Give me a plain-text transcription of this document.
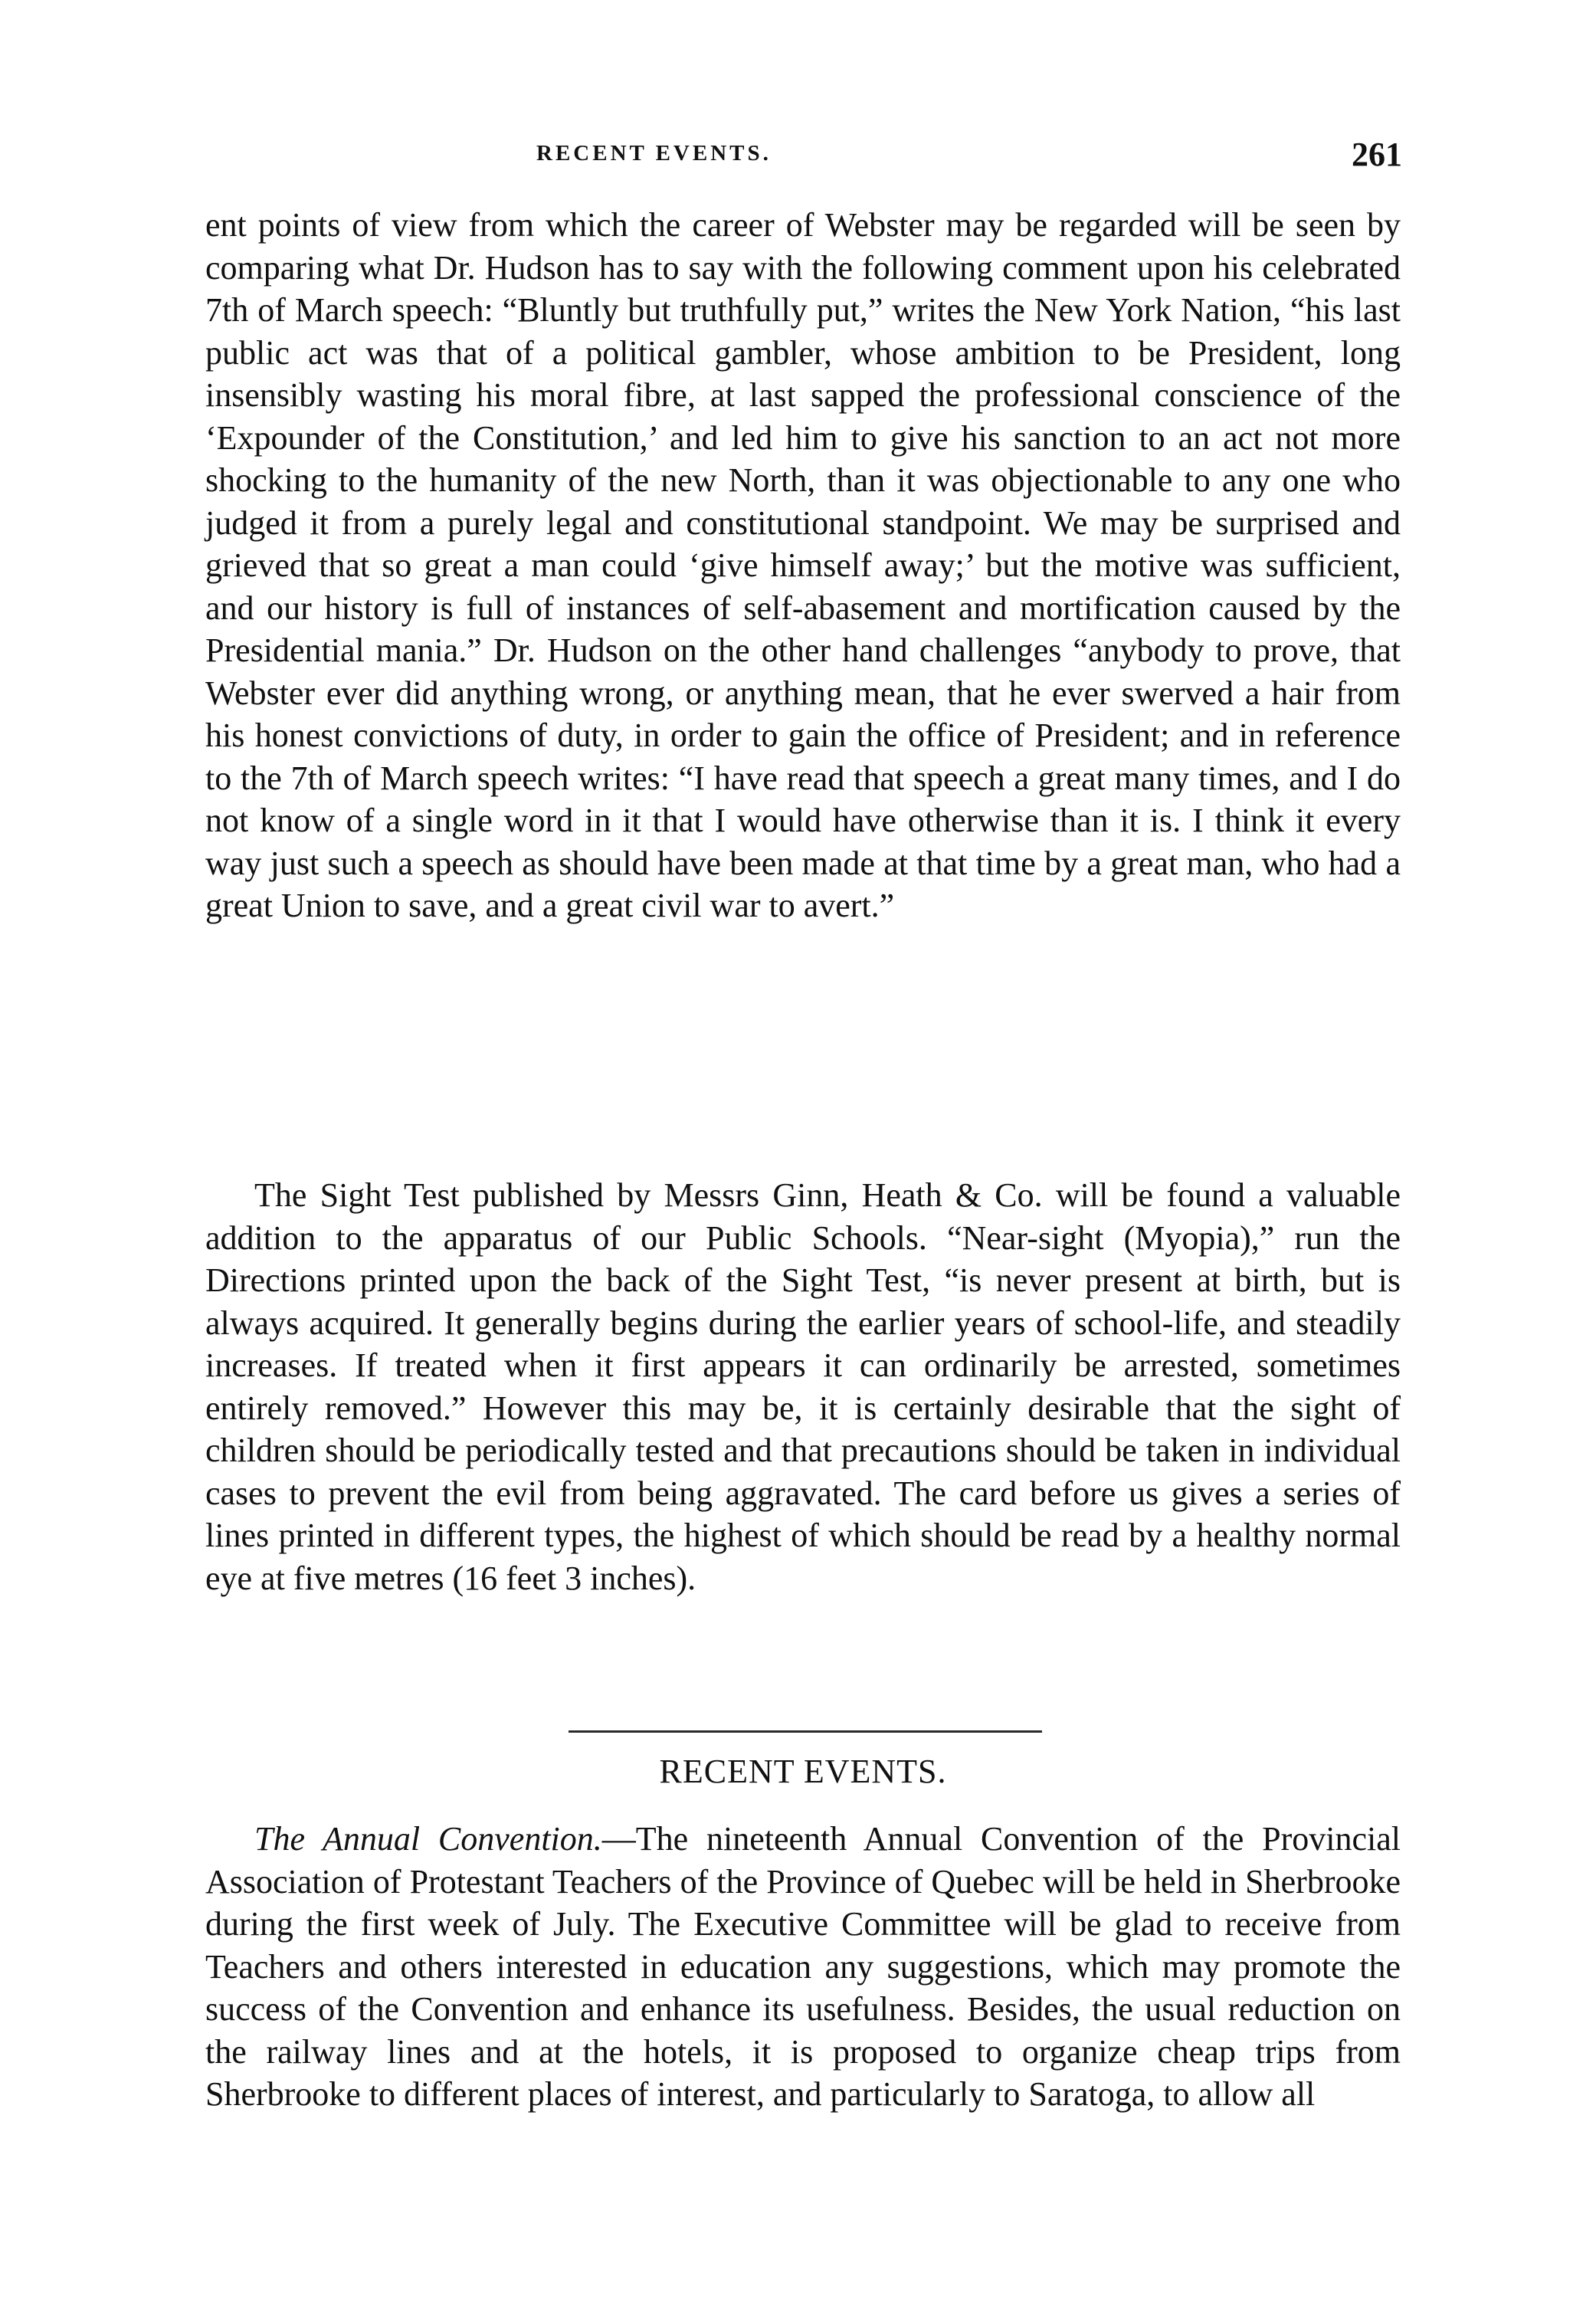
RECENT EVENTS.	261

ent points of view from which the career of Webster may be regarded will be seen by comparing what Dr. Hudson has to say with the following comment upon his celebrated 7th of March speech: “Bluntly but truthfully put,” writes the New York Nation, “his last public act was that of a political gambler, whose ambition to be President, long insensibly wasting his moral fibre, at last sapped the professional conscience of the ‘Expounder of the Constitution,’ and led him to give his sanction to an act not more shocking to the humanity of the new North, than it was objectionable to any one who judged it from a purely legal and constitutional standpoint. We may be surprised and grieved that so great a man could ‘give himself away;’ but the motive was sufficient, and our history is full of instances of self-abasement and mortification caused by the Presidential mania.” Dr. Hudson on the other hand challenges “anybody to prove, that Webster ever did anything wrong, or anything mean, that he ever swerved a hair from his honest convictions of duty, in order to gain the office of President; and in reference to the 7th of March speech writes: “I have read that speech a great many times, and I do not know of a single word in it that I would have otherwise than it is. I think it every way just such a speech as should have been made at that time by a great man, who had a great Union to save, and a great civil war to avert.”

The Sight Test published by Messrs Ginn, Heath & Co. will be found a valuable addition to the apparatus of our Public Schools. “Near-sight (Myopia),” run the Directions printed upon the back of the Sight Test, “is never present at birth, but is always acquired. It generally begins during the earlier years of school-life, and steadily increases. If treated when it first appears it can ordinarily be arrested, sometimes entirely removed.” However this may be, it is certainly desirable that the sight of children should be periodically tested and that precautions should be taken in individual cases to prevent the evil from being aggravated. The card before us gives a series of lines printed in different types, the highest of which should be read by a healthy normal eye at five metres (16 feet 3 inches).

RECENT EVENTS.

The Annual Convention.—The nineteenth Annual Convention of the Provincial Association of Protestant Teachers of the Province of Quebec will be held in Sherbrooke during the first week of July. The Executive Committee will be glad to receive from Teachers and others interested in education any suggestions, which may promote the success of the Convention and enhance its usefulness. Besides, the usual reduction on the railway lines and at the hotels, it is proposed to organize cheap trips from Sherbrooke to different places of interest, and particularly to Saratoga, to allow all
